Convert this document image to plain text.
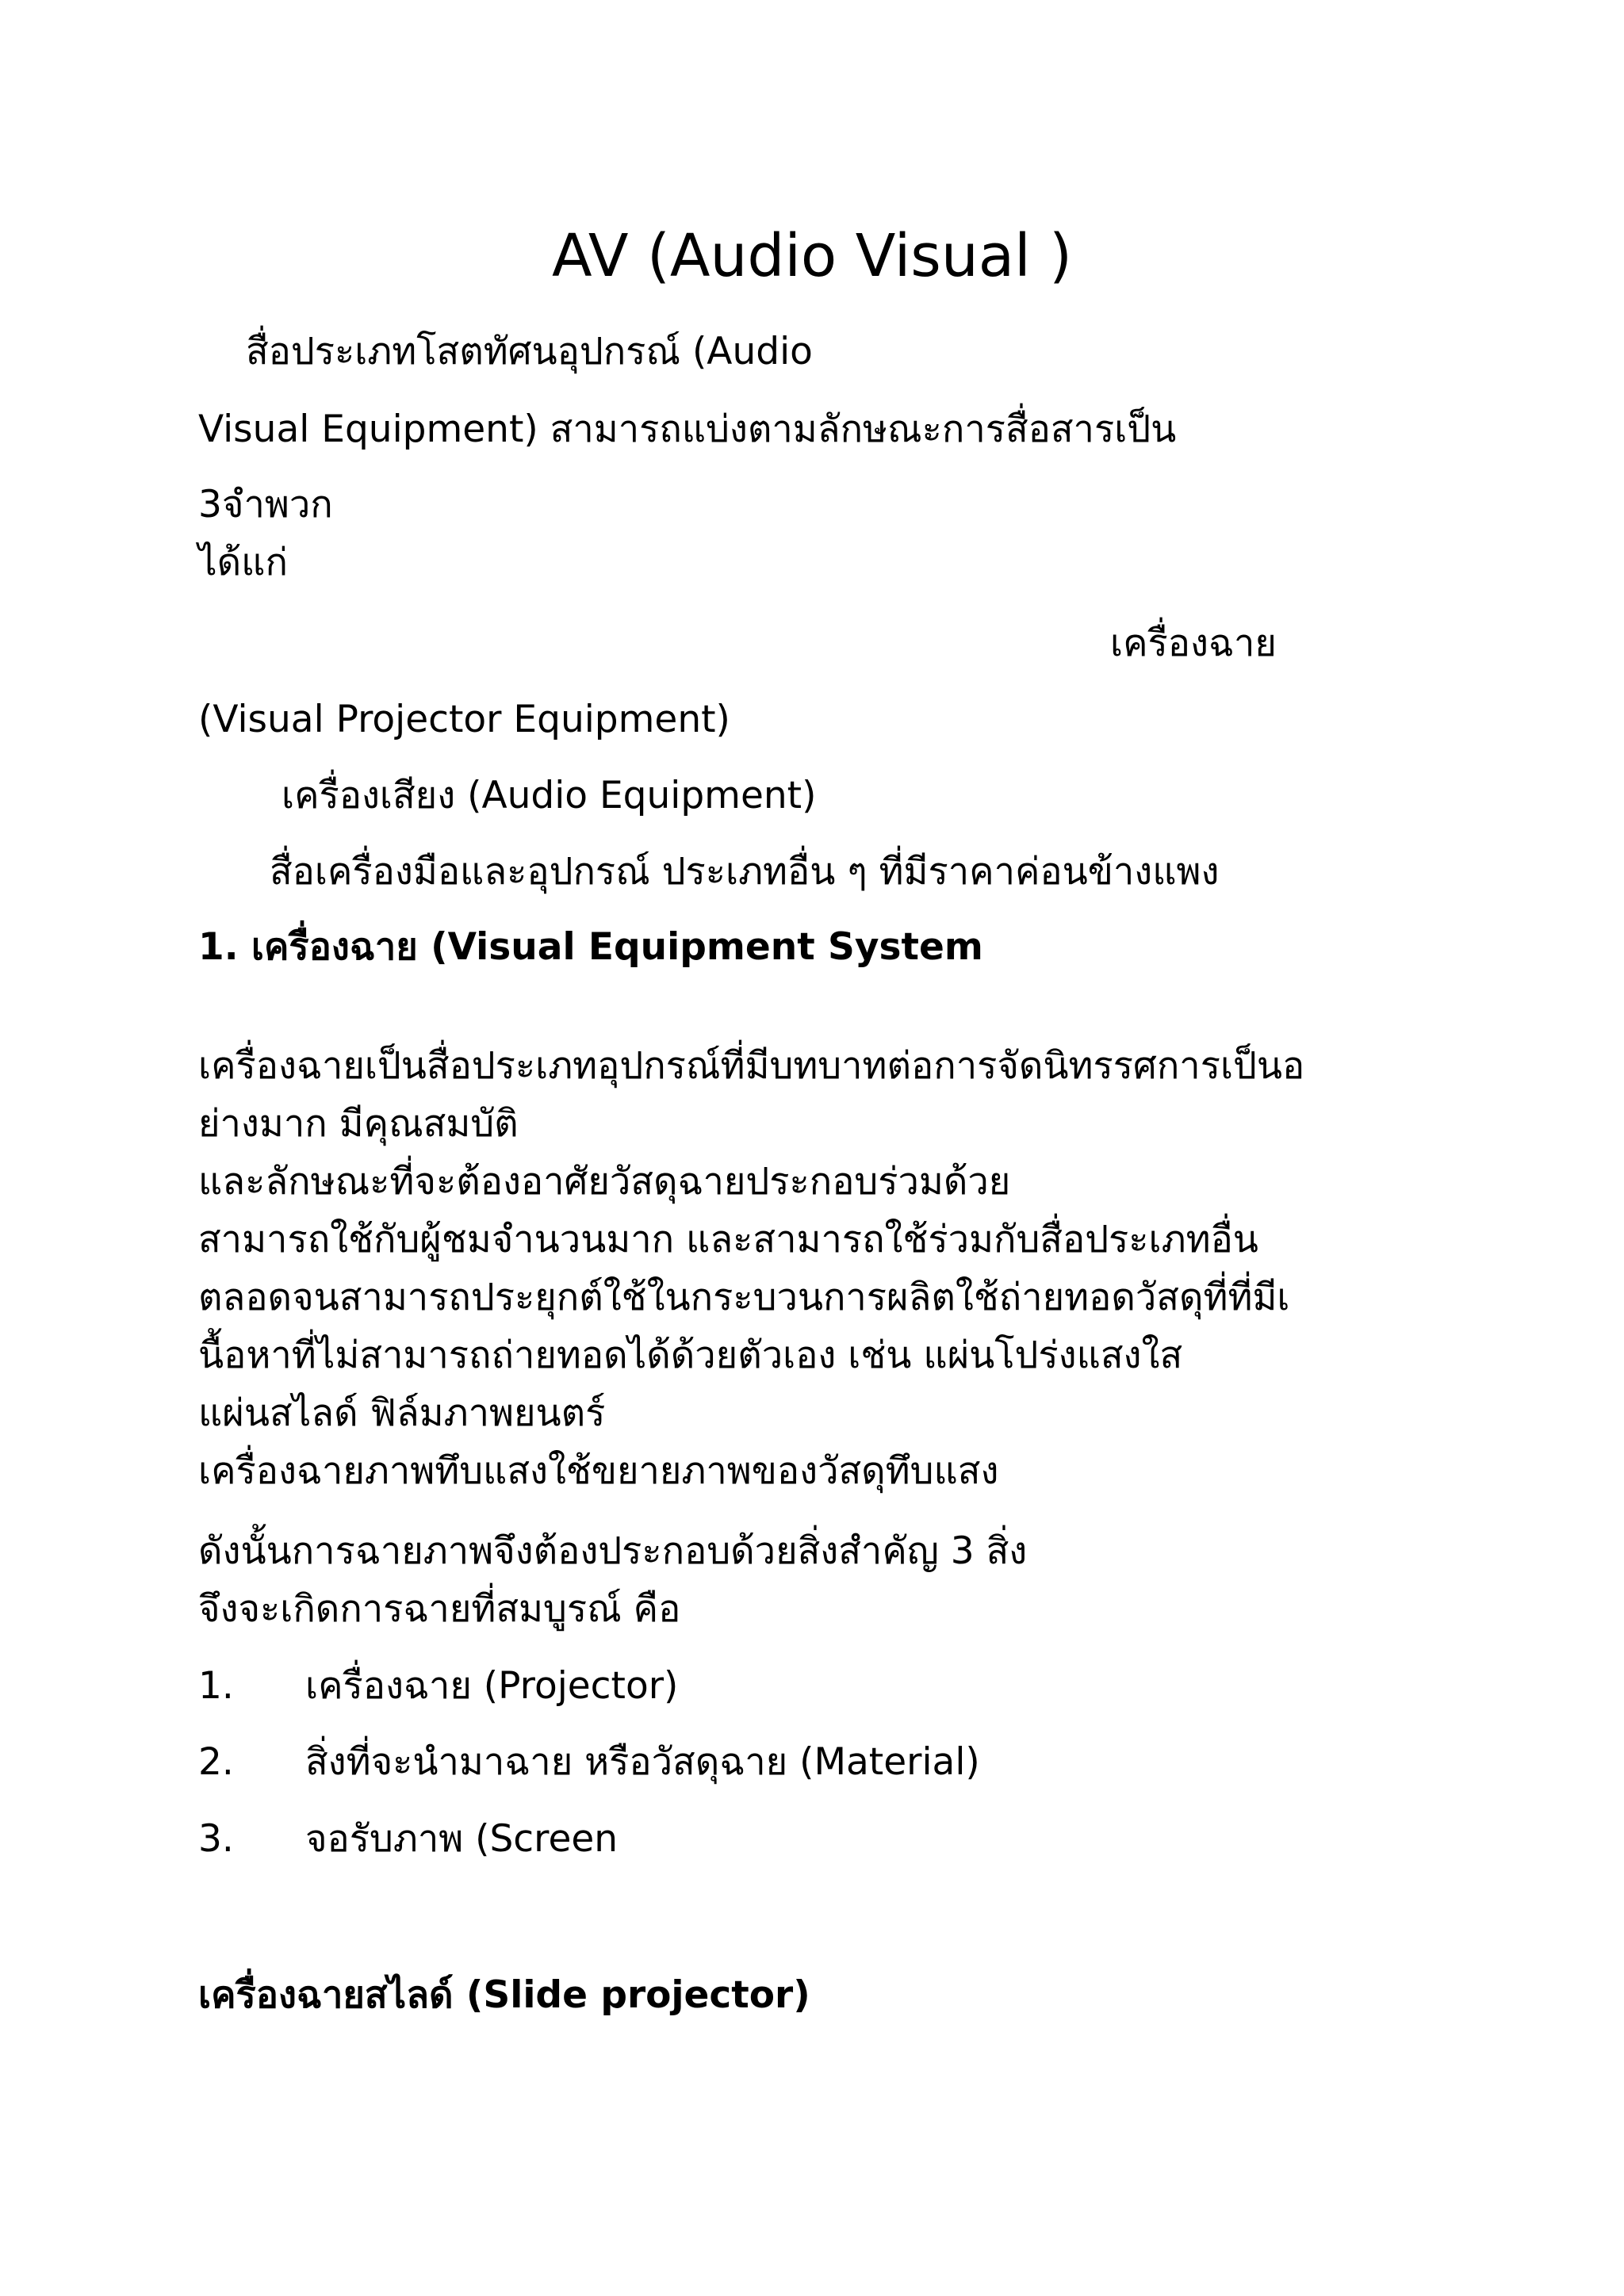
AV (Audio Visual )
สื่อประเภทโสตทัศนอุปกรณ์ (Audio
Visual Equipment) สามารถแบ่งตามลักษณะการสื่อสารเป็น
3จำพวก
ได้แก่
เครื่องฉาย
(Visual Projector Equipment)
เครื่องเสียง (Audio Equipment)
สื่อเครื่องมือและอุปกรณ์ ประเภทอื่น ๆ ที่มีราคาค่อนข้างแพง
1. เครื่องฉาย (Visual Equipment System
เครื่องฉายเป็นสื่อประเภทอุปกรณ์ที่มีบทบาทต่อการจัดนิทรรศการเป็นอ
ย่างมาก มีคุณสมบัติ
และลักษณะที่จะต้องอาศัยวัสดุฉายประกอบร่วมด้วย
สามารถใช้กับผู้ชมจำนวนมาก และสามารถใช้ร่วมกับสื่อประเภทอื่น
ตลอดจนสามารถประยุกต์ใช้ในกระบวนการผลิตใช้ถ่ายทอดวัสดุที่ที่มีเ
นื้อหาที่ไม่สามารถถ่ายทอดได้ด้วยตัวเอง เช่น แผ่นโปร่งแสงใส
แผ่นสไลด์ ฟิล์มภาพยนตร์
เครื่องฉายภาพทึบแสงใช้ขยายภาพของวัสดุทึบแสง
ดังนั้นการฉายภาพจึงต้องประกอบด้วยสิ่งสำคัญ 3 สิ่ง
จึงจะเกิดการฉายที่สมบูรณ์ คือ
1. เครื่องฉาย (Projector)
2. สิ่งที่จะนำมาฉาย หรือวัสดุฉาย (Material)
3. จอรับภาพ (Screen
เครื่องฉายสไลด์ (Slide projector)
